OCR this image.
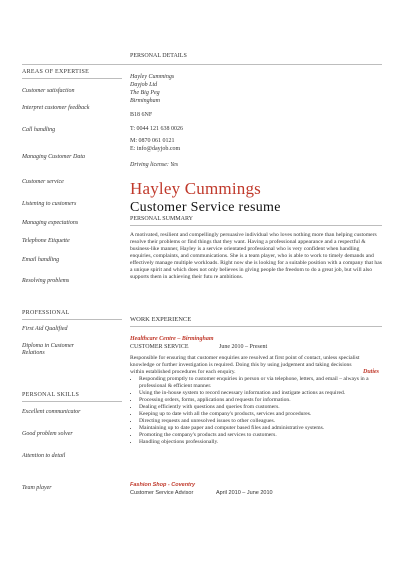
PERSONAL DETAILS
AREAS OF EXPERTISE
Customer satisfaction
Interpret customer feedback
Call handling
Managing Customer Data
Customer service
Listening to customers
Managing expectations
Telephone Etiquette
Email handling
Resolving problems
PROFESSIONAL
First Aid Qualified
Diploma in Customer Relations
PERSONAL SKILLS
Excellent communicator
Good problem solver
Attention to detail
Team player
Hayley Cummings
Dayjob Ltd
The Big Peg
Birmingham
B18 6NF
T: 0044 121 638 0026
M: 0870 061 0121
E: info@dayjob.com
Driving license: Yes
Hayley Cummings
Customer Service resume
PERSONAL SUMMARY
A motivated, resilient and compellingly persuasive individual who loves nothing more than helping customers resolve their problems or find things that they want. Having a professional appearance and a respectful & business-like manner, Hayley is a service orientated professional who is very confident when handling enquiries, complaints, and communications. She is a team player, who is able to work to timely demands and effectively manage multiple workloads. Right now she is looking for a suitable position with a company that has a unique spirit and which does not only believes in giving people the freedom to do a great job, but will also supports them in achieving their futu re ambitions.
WORK EXPERIENCE
Healthcare Centre – Birmingham
CUSTOMER SERVICE	June 2010 – Present
Responsible for ensuring that customer enquiries are resolved at first point of contact, unless specialist knowledge or further investigation is required. Doing this by using judgement and taking decisions within established procedures for each enquiry.	Duties
• Responding promptly to customer enquiries in person or via telephone, letters, and email – always in a professional & efficient manner.
• Using the in-house system to record necessary information and instigate actions as required.
• Processing orders, forms, applications and requests for information.
• Dealing efficiently with questions and queries from customers.
• Keeping up to date with all the company's products, services and procedures.
• Directing requests and unresolved issues to other colleagues.
• Maintaining up to date paper and computer based files and administrative systems.
• Promoting the company's products and services to customers.
• Handling objections professionally.
Fashion Shop - Coventry
Customer Service Advisor	April 2010 – June 2010
